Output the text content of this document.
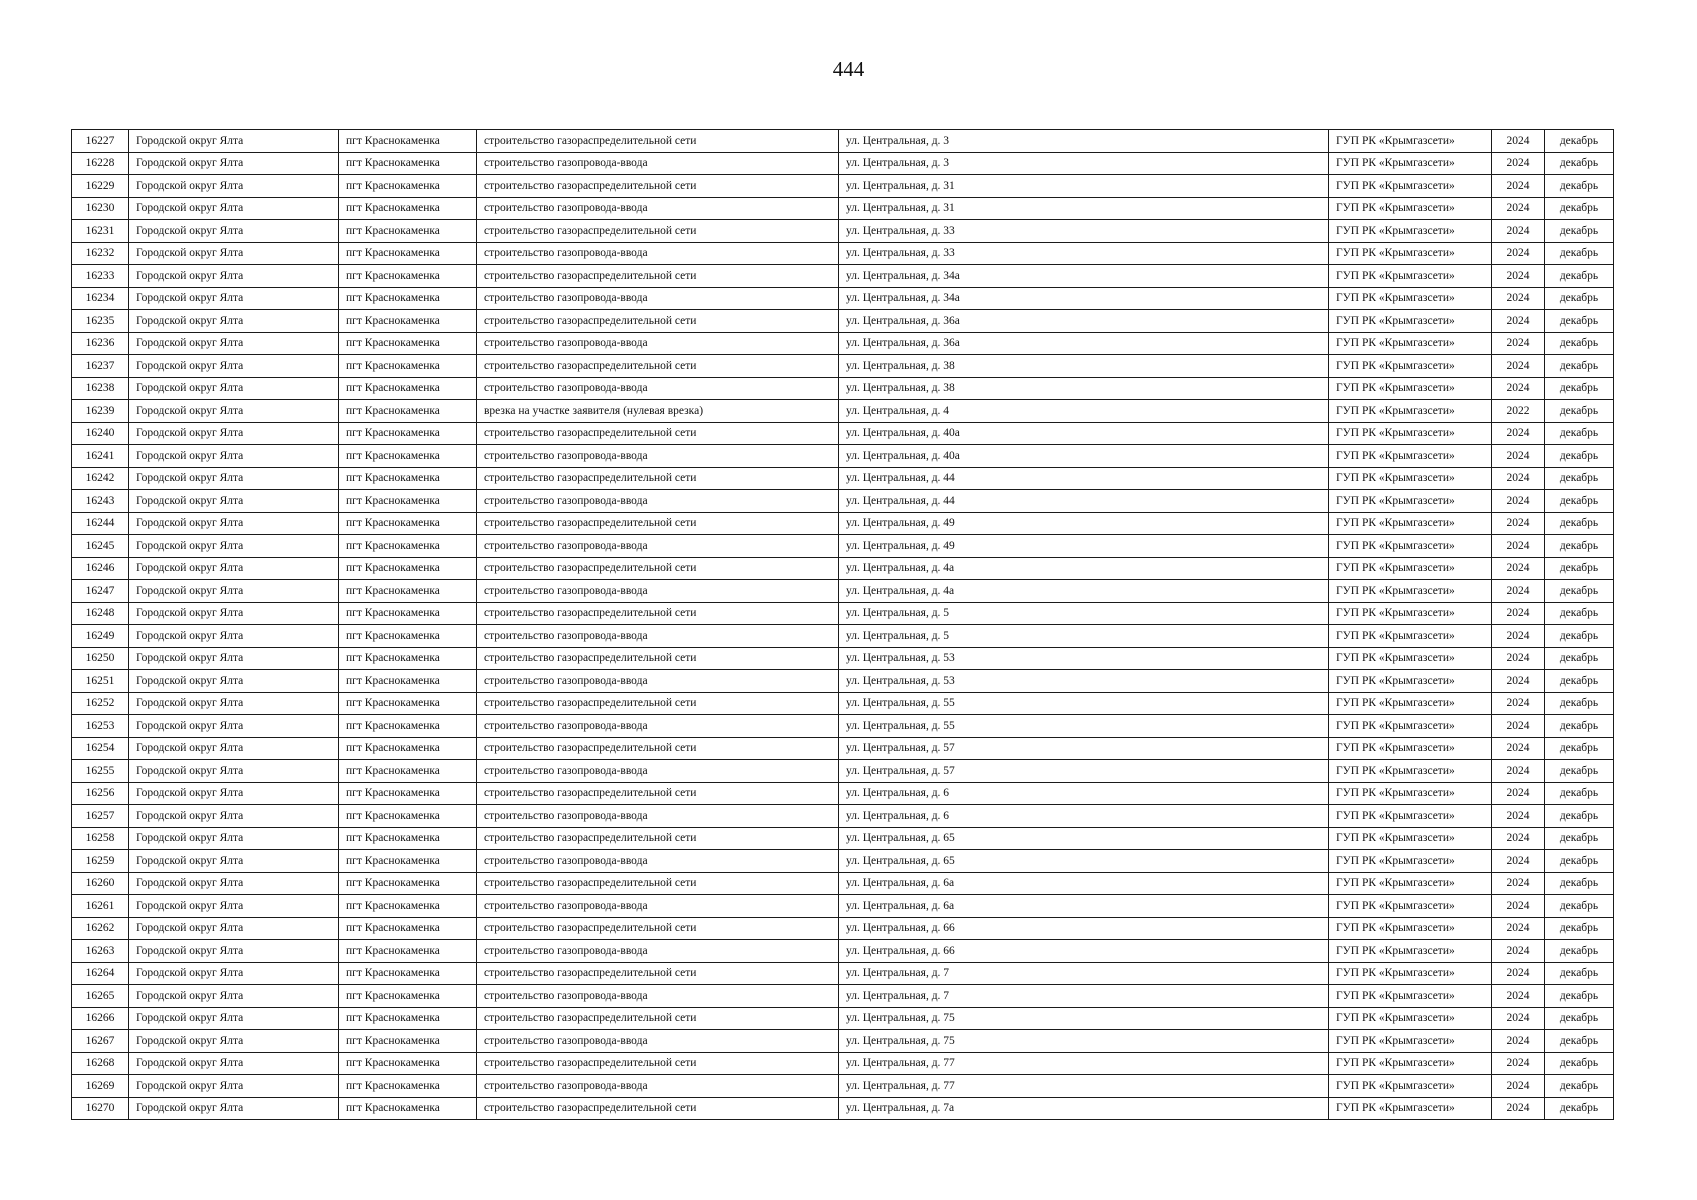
444
16227	Городской округ Ялта	пгт Краснокаменка	строительство газораспределительной сети	ул. Центральная, д. 3	ГУП РК «Крымгазсети»	2024	декабрь
16228	Городской округ Ялта	пгт Краснокаменка	строительство газопровода-ввода	ул. Центральная, д. 3	ГУП РК «Крымгазсети»	2024	декабрь
16229	Городской округ Ялта	пгт Краснокаменка	строительство газораспределительной сети	ул. Центральная, д. 31	ГУП РК «Крымгазсети»	2024	декабрь
16230	Городской округ Ялта	пгт Краснокаменка	строительство газопровода-ввода	ул. Центральная, д. 31	ГУП РК «Крымгазсети»	2024	декабрь
16231	Городской округ Ялта	пгт Краснокаменка	строительство газораспределительной сети	ул. Центральная, д. 33	ГУП РК «Крымгазсети»	2024	декабрь
16232	Городской округ Ялта	пгт Краснокаменка	строительство газопровода-ввода	ул. Центральная, д. 33	ГУП РК «Крымгазсети»	2024	декабрь
16233	Городской округ Ялта	пгт Краснокаменка	строительство газораспределительной сети	ул. Центральная, д. 34а	ГУП РК «Крымгазсети»	2024	декабрь
16234	Городской округ Ялта	пгт Краснокаменка	строительство газопровода-ввода	ул. Центральная, д. 34а	ГУП РК «Крымгазсети»	2024	декабрь
16235	Городской округ Ялта	пгт Краснокаменка	строительство газораспределительной сети	ул. Центральная, д. 36а	ГУП РК «Крымгазсети»	2024	декабрь
16236	Городской округ Ялта	пгт Краснокаменка	строительство газопровода-ввода	ул. Центральная, д. 36а	ГУП РК «Крымгазсети»	2024	декабрь
16237	Городской округ Ялта	пгт Краснокаменка	строительство газораспределительной сети	ул. Центральная, д. 38	ГУП РК «Крымгазсети»	2024	декабрь
16238	Городской округ Ялта	пгт Краснокаменка	строительство газопровода-ввода	ул. Центральная, д. 38	ГУП РК «Крымгазсети»	2024	декабрь
16239	Городской округ Ялта	пгт Краснокаменка	врезка на участке заявителя (нулевая врезка)	ул. Центральная, д. 4	ГУП РК «Крымгазсети»	2022	декабрь
16240	Городской округ Ялта	пгт Краснокаменка	строительство газораспределительной сети	ул. Центральная, д. 40а	ГУП РК «Крымгазсети»	2024	декабрь
16241	Городской округ Ялта	пгт Краснокаменка	строительство газопровода-ввода	ул. Центральная, д. 40а	ГУП РК «Крымгазсети»	2024	декабрь
16242	Городской округ Ялта	пгт Краснокаменка	строительство газораспределительной сети	ул. Центральная, д. 44	ГУП РК «Крымгазсети»	2024	декабрь
16243	Городской округ Ялта	пгт Краснокаменка	строительство газопровода-ввода	ул. Центральная, д. 44	ГУП РК «Крымгазсети»	2024	декабрь
16244	Городской округ Ялта	пгт Краснокаменка	строительство газораспределительной сети	ул. Центральная, д. 49	ГУП РК «Крымгазсети»	2024	декабрь
16245	Городской округ Ялта	пгт Краснокаменка	строительство газопровода-ввода	ул. Центральная, д. 49	ГУП РК «Крымгазсети»	2024	декабрь
16246	Городской округ Ялта	пгт Краснокаменка	строительство газораспределительной сети	ул. Центральная, д. 4а	ГУП РК «Крымгазсети»	2024	декабрь
16247	Городской округ Ялта	пгт Краснокаменка	строительство газопровода-ввода	ул. Центральная, д. 4а	ГУП РК «Крымгазсети»	2024	декабрь
16248	Городской округ Ялта	пгт Краснокаменка	строительство газораспределительной сети	ул. Центральная, д. 5	ГУП РК «Крымгазсети»	2024	декабрь
16249	Городской округ Ялта	пгт Краснокаменка	строительство газопровода-ввода	ул. Центральная, д. 5	ГУП РК «Крымгазсети»	2024	декабрь
16250	Городской округ Ялта	пгт Краснокаменка	строительство газораспределительной сети	ул. Центральная, д. 53	ГУП РК «Крымгазсети»	2024	декабрь
16251	Городской округ Ялта	пгт Краснокаменка	строительство газопровода-ввода	ул. Центральная, д. 53	ГУП РК «Крымгазсети»	2024	декабрь
16252	Городской округ Ялта	пгт Краснокаменка	строительство газораспределительной сети	ул. Центральная, д. 55	ГУП РК «Крымгазсети»	2024	декабрь
16253	Городской округ Ялта	пгт Краснокаменка	строительство газопровода-ввода	ул. Центральная, д. 55	ГУП РК «Крымгазсети»	2024	декабрь
16254	Городской округ Ялта	пгт Краснокаменка	строительство газораспределительной сети	ул. Центральная, д. 57	ГУП РК «Крымгазсети»	2024	декабрь
16255	Городской округ Ялта	пгт Краснокаменка	строительство газопровода-ввода	ул. Центральная, д. 57	ГУП РК «Крымгазсети»	2024	декабрь
16256	Городской округ Ялта	пгт Краснокаменка	строительство газораспределительной сети	ул. Центральная, д. 6	ГУП РК «Крымгазсети»	2024	декабрь
16257	Городской округ Ялта	пгт Краснокаменка	строительство газопровода-ввода	ул. Центральная, д. 6	ГУП РК «Крымгазсети»	2024	декабрь
16258	Городской округ Ялта	пгт Краснокаменка	строительство газораспределительной сети	ул. Центральная, д. 65	ГУП РК «Крымгазсети»	2024	декабрь
16259	Городской округ Ялта	пгт Краснокаменка	строительство газопровода-ввода	ул. Центральная, д. 65	ГУП РК «Крымгазсети»	2024	декабрь
16260	Городской округ Ялта	пгт Краснокаменка	строительство газораспределительной сети	ул. Центральная, д. 6а	ГУП РК «Крымгазсети»	2024	декабрь
16261	Городской округ Ялта	пгт Краснокаменка	строительство газопровода-ввода	ул. Центральная, д. 6а	ГУП РК «Крымгазсети»	2024	декабрь
16262	Городской округ Ялта	пгт Краснокаменка	строительство газораспределительной сети	ул. Центральная, д. 66	ГУП РК «Крымгазсети»	2024	декабрь
16263	Городской округ Ялта	пгт Краснокаменка	строительство газопровода-ввода	ул. Центральная, д. 66	ГУП РК «Крымгазсети»	2024	декабрь
16264	Городской округ Ялта	пгт Краснокаменка	строительство газораспределительной сети	ул. Центральная, д. 7	ГУП РК «Крымгазсети»	2024	декабрь
16265	Городской округ Ялта	пгт Краснокаменка	строительство газопровода-ввода	ул. Центральная, д. 7	ГУП РК «Крымгазсети»	2024	декабрь
16266	Городской округ Ялта	пгт Краснокаменка	строительство газораспределительной сети	ул. Центральная, д. 75	ГУП РК «Крымгазсети»	2024	декабрь
16267	Городской округ Ялта	пгт Краснокаменка	строительство газопровода-ввода	ул. Центральная, д. 75	ГУП РК «Крымгазсети»	2024	декабрь
16268	Городской округ Ялта	пгт Краснокаменка	строительство газораспределительной сети	ул. Центральная, д. 77	ГУП РК «Крымгазсети»	2024	декабрь
16269	Городской округ Ялта	пгт Краснокаменка	строительство газопровода-ввода	ул. Центральная, д. 77	ГУП РК «Крымгазсети»	2024	декабрь
16270	Городской округ Ялта	пгт Краснокаменка	строительство газораспределительной сети	ул. Центральная, д. 7а	ГУП РК «Крымгазсети»	2024	декабрь
